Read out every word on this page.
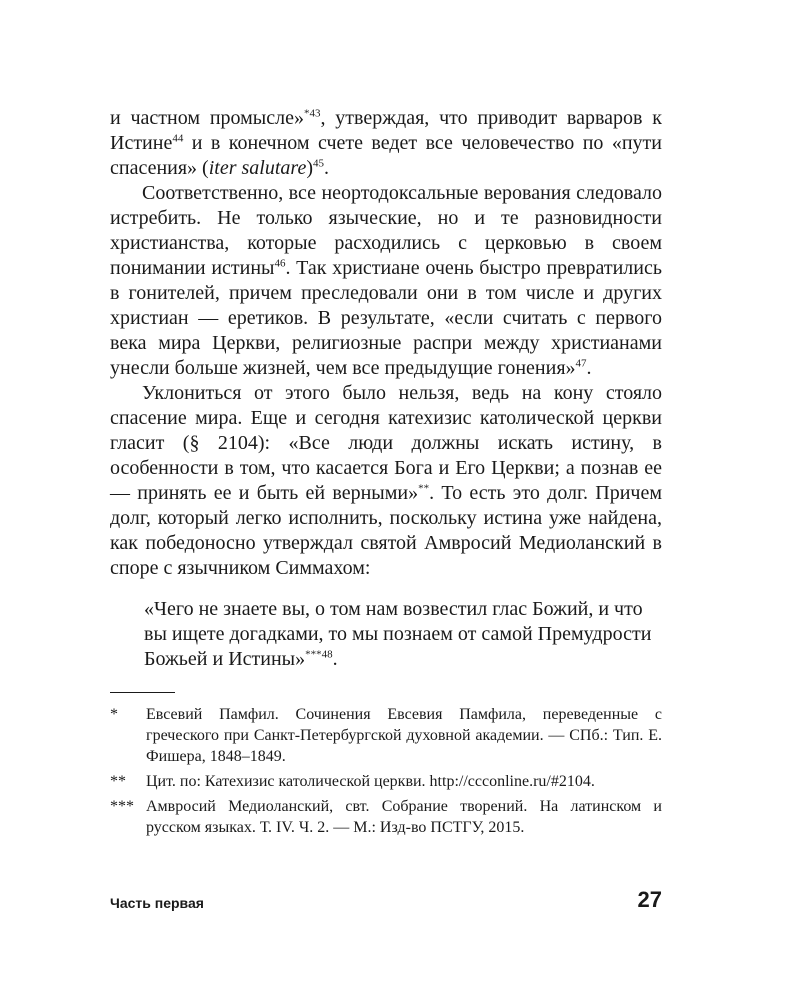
и частном промысле»$^{*43}$, утверждая, что приводит варваров к Истине$^{44}$ и в конечном счете ведет все человечество по «пути спасения» (iter salutare)$^{45}$.

Соответственно, все неортодоксальные верования следовало истребить. Не только языческие, но и те разновидности христианства, которые расходились с церковью в своем понимании истины$^{46}$. Так христиане очень быстро превратились в гонителей, причем преследовали они в том числе и других христиан — еретиков. В результате, «если считать с первого века мира Церкви, религиозные распри между христианами унесли больше жизней, чем все предыдущие гонения»$^{47}$.

Уклониться от этого было нельзя, ведь на кону стояло спасение мира. Еще и сегодня катехизис католической церкви гласит (§ 2104): «Все люди должны искать истину, в особенности в том, что касается Бога и Его Церкви; а познав ее — принять ее и быть ей верными»**. То есть это долг. Причем долг, который легко исполнить, поскольку истина уже найдена, как победоносно утверждал святой Амвросий Медиоланский в споре с язычником Симмахом:

«Чего не знаете вы, о том нам возвестил глас Божий, и что вы ищете догадками, то мы познаем от самой Премудрости Божьей и Истины»$^{***48}$.

* Евсевий Памфил. Сочинения Евсевия Памфила, переведенные с греческого при Санкт-Петербургской духовной академии. — СПб.: Тип. Е. Фишера, 1848–1849.
** Цит. по: Катехизис католической церкви. http://ccconline.ru/#2104.
*** Амвросий Медиоланский, свт. Собрание творений. На латинском и русском языках. Т. IV. Ч. 2. — М.: Изд-во ПСТГУ, 2015.
Часть первая	27
